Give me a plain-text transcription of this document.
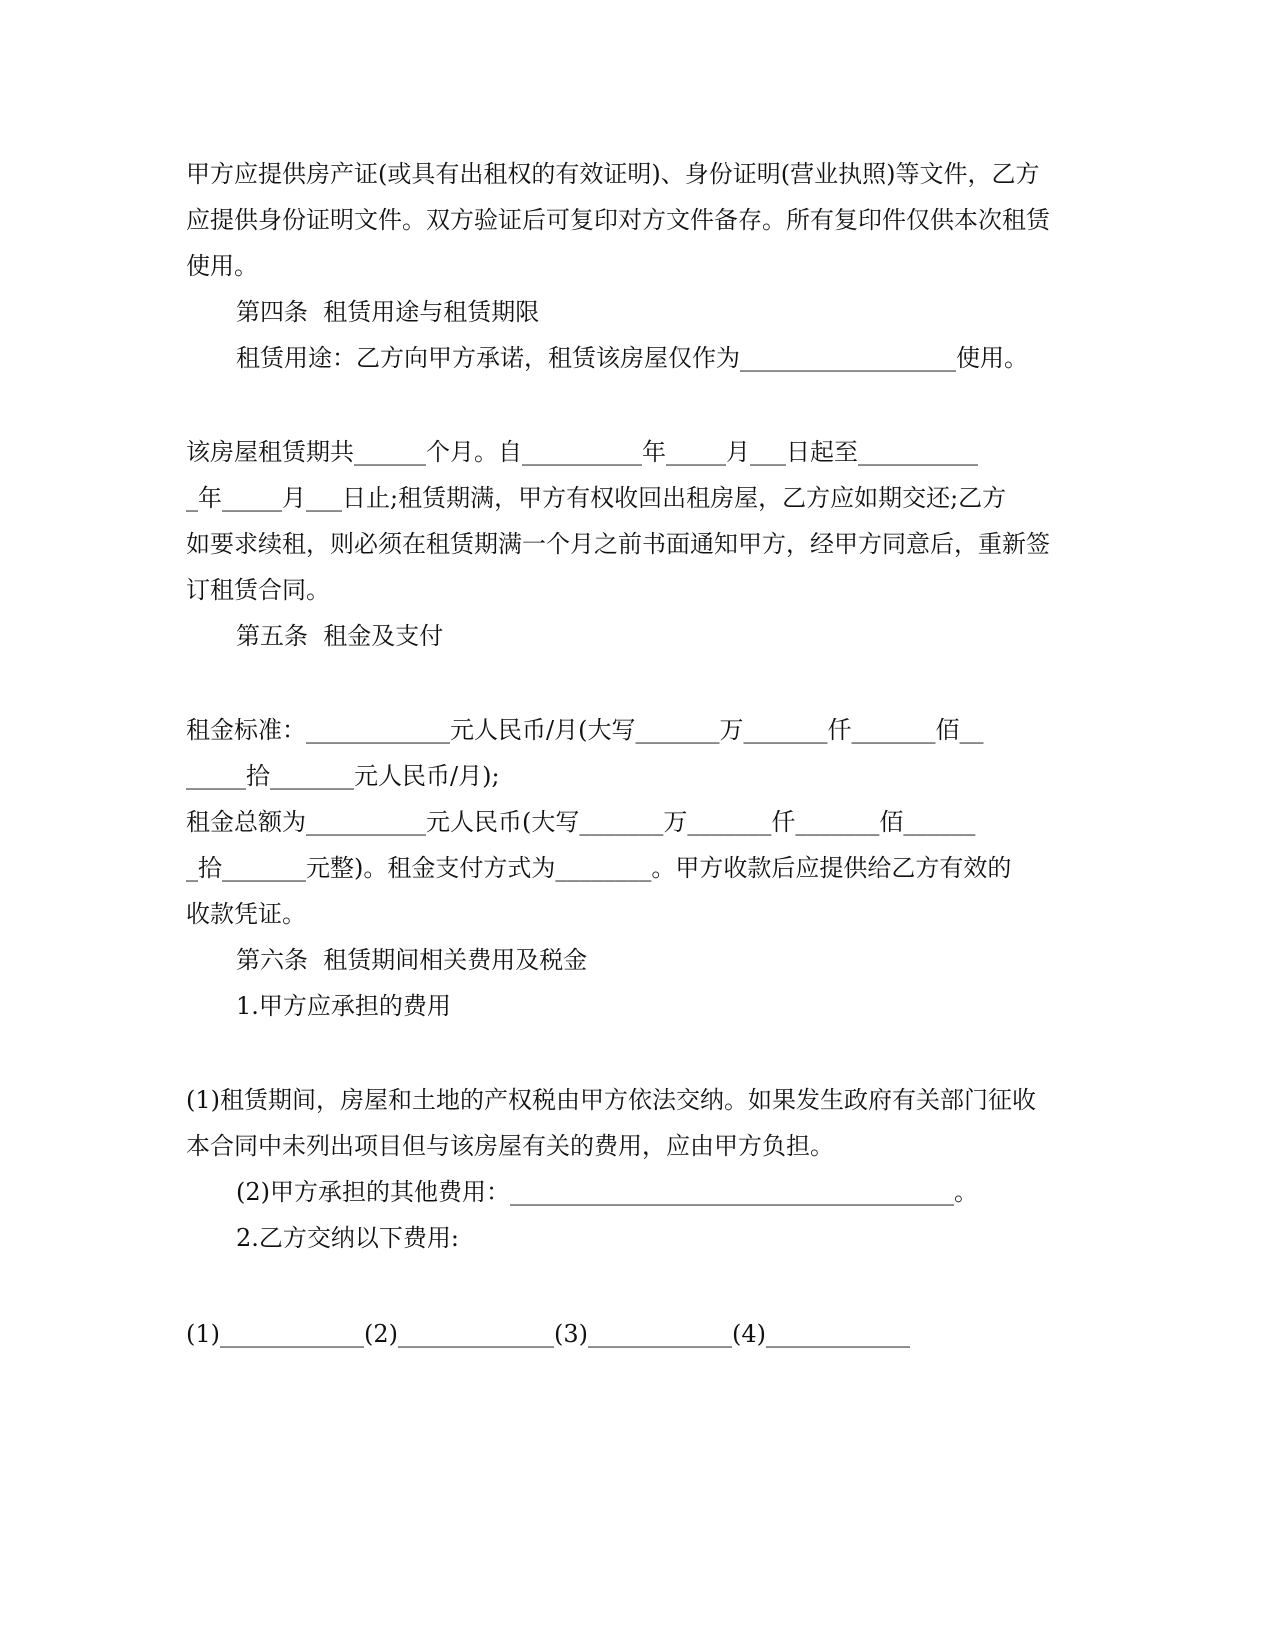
甲方应提供房产证(或具有出租权的有效证明)、身份证明(营业执照)等文件，乙方
应提供身份证明文件。双方验证后可复印对方文件备存。所有复印件仅供本次租赁
使用。
第四条  租赁用途与租赁期限
租赁用途：乙方向甲方承诺，租赁该房屋仅作为__________________使用。
该房屋租赁期共______个月。自__________年_____月___日起至__________
_年_____月___日止;租赁期满，甲方有权收回出租房屋，乙方应如期交还;乙方
如要求续租，则必须在租赁期满一个月之前书面通知甲方，经甲方同意后，重新签
订租赁合同。
第五条  租金及支付
租金标准：____________元人民币/月(大写_______万_______仟_______佰__
_____拾_______元人民币/月);
租金总额为__________元人民币(大写_______万_______仟_______佰______
_拾_______元整)。租金支付方式为________。甲方收款后应提供给乙方有效的
收款凭证。
第六条  租赁期间相关费用及税金
1.甲方应承担的费用
(1)租赁期间，房屋和土地的产权税由甲方依法交纳。如果发生政府有关部门征收
本合同中未列出项目但与该房屋有关的费用，应由甲方负担。
(2)甲方承担的其他费用：_____________________________________。
2.乙方交纳以下费用:
(1)____________(2)_____________(3)____________(4)____________
